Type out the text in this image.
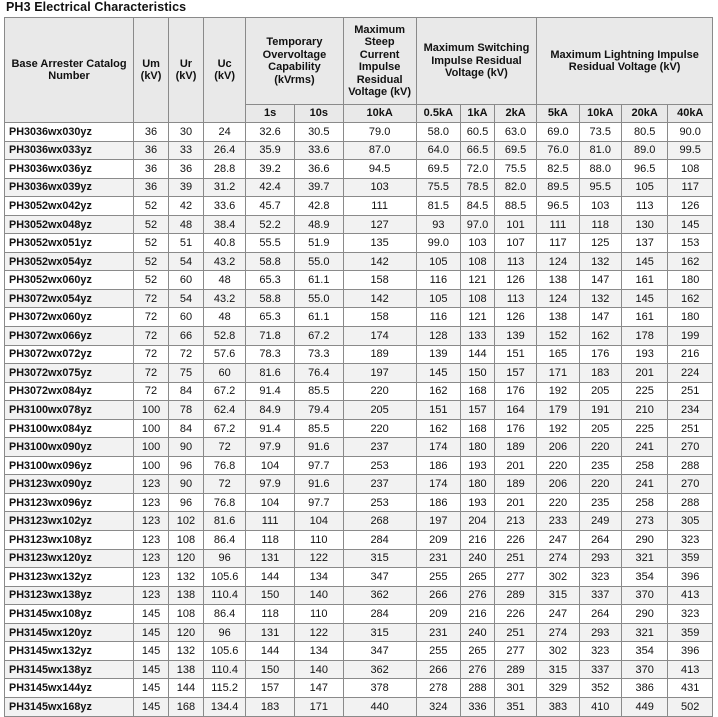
PH3 Electrical Characteristics
Base Arrester Catalog Number	Um (kV)	Ur (kV)	Uc (kV)	Temporary Overvoltage Capability (kVrms)		Maximum Steep Current Impulse Residual Voltage (kV)	Maximum Switching Impulse Residual Voltage (kV)			Maximum Lightning Impulse Residual Voltage (kV)			

				1s	10s	10kA	0.5kA	1kA	2kA	5kA	10kA	20kA	40kA
PH3036wx030yz	36	30	24	32.6	30.5	79.0	58.0	60.5	63.0	69.0	73.5	80.5	90.0
PH3036wx033yz	36	33	26.4	35.9	33.6	87.0	64.0	66.5	69.5	76.0	81.0	89.0	99.5
PH3036wx036yz	36	36	28.8	39.2	36.6	94.5	69.5	72.0	75.5	82.5	88.0	96.5	108
PH3036wx039yz	36	39	31.2	42.4	39.7	103	75.5	78.5	82.0	89.5	95.5	105	117
PH3052wx042yz	52	42	33.6	45.7	42.8	111	81.5	84.5	88.5	96.5	103	113	126
PH3052wx048yz	52	48	38.4	52.2	48.9	127	93	97.0	101	111	118	130	145
PH3052wx051yz	52	51	40.8	55.5	51.9	135	99.0	103	107	117	125	137	153
PH3052wx054yz	52	54	43.2	58.8	55.0	142	105	108	113	124	132	145	162
PH3052wx060yz	52	60	48	65.3	61.1	158	116	121	126	138	147	161	180
PH3072wx054yz	72	54	43.2	58.8	55.0	142	105	108	113	124	132	145	162
PH3072wx060yz	72	60	48	65.3	61.1	158	116	121	126	138	147	161	180
PH3072wx066yz	72	66	52.8	71.8	67.2	174	128	133	139	152	162	178	199
PH3072wx072yz	72	72	57.6	78.3	73.3	189	139	144	151	165	176	193	216
PH3072wx075yz	72	75	60	81.6	76.4	197	145	150	157	171	183	201	224
PH3072wx084yz	72	84	67.2	91.4	85.5	220	162	168	176	192	205	225	251
PH3100wx078yz	100	78	62.4	84.9	79.4	205	151	157	164	179	191	210	234
PH3100wx084yz	100	84	67.2	91.4	85.5	220	162	168	176	192	205	225	251
PH3100wx090yz	100	90	72	97.9	91.6	237	174	180	189	206	220	241	270
PH3100wx096yz	100	96	76.8	104	97.7	253	186	193	201	220	235	258	288
PH3123wx090yz	123	90	72	97.9	91.6	237	174	180	189	206	220	241	270
PH3123wx096yz	123	96	76.8	104	97.7	253	186	193	201	220	235	258	288
PH3123wx102yz	123	102	81.6	111	104	268	197	204	213	233	249	273	305
PH3123wx108yz	123	108	86.4	118	110	284	209	216	226	247	264	290	323
PH3123wx120yz	123	120	96	131	122	315	231	240	251	274	293	321	359
PH3123wx132yz	123	132	105.6	144	134	347	255	265	277	302	323	354	396
PH3123wx138yz	123	138	110.4	150	140	362	266	276	289	315	337	370	413
PH3145wx108yz	145	108	86.4	118	110	284	209	216	226	247	264	290	323
PH3145wx120yz	145	120	96	131	122	315	231	240	251	274	293	321	359
PH3145wx132yz	145	132	105.6	144	134	347	255	265	277	302	323	354	396
PH3145wx138yz	145	138	110.4	150	140	362	266	276	289	315	337	370	413
PH3145wx144yz	145	144	115.2	157	147	378	278	288	301	329	352	386	431
PH3145wx168yz	145	168	134.4	183	171	440	324	336	351	383	410	449	502
